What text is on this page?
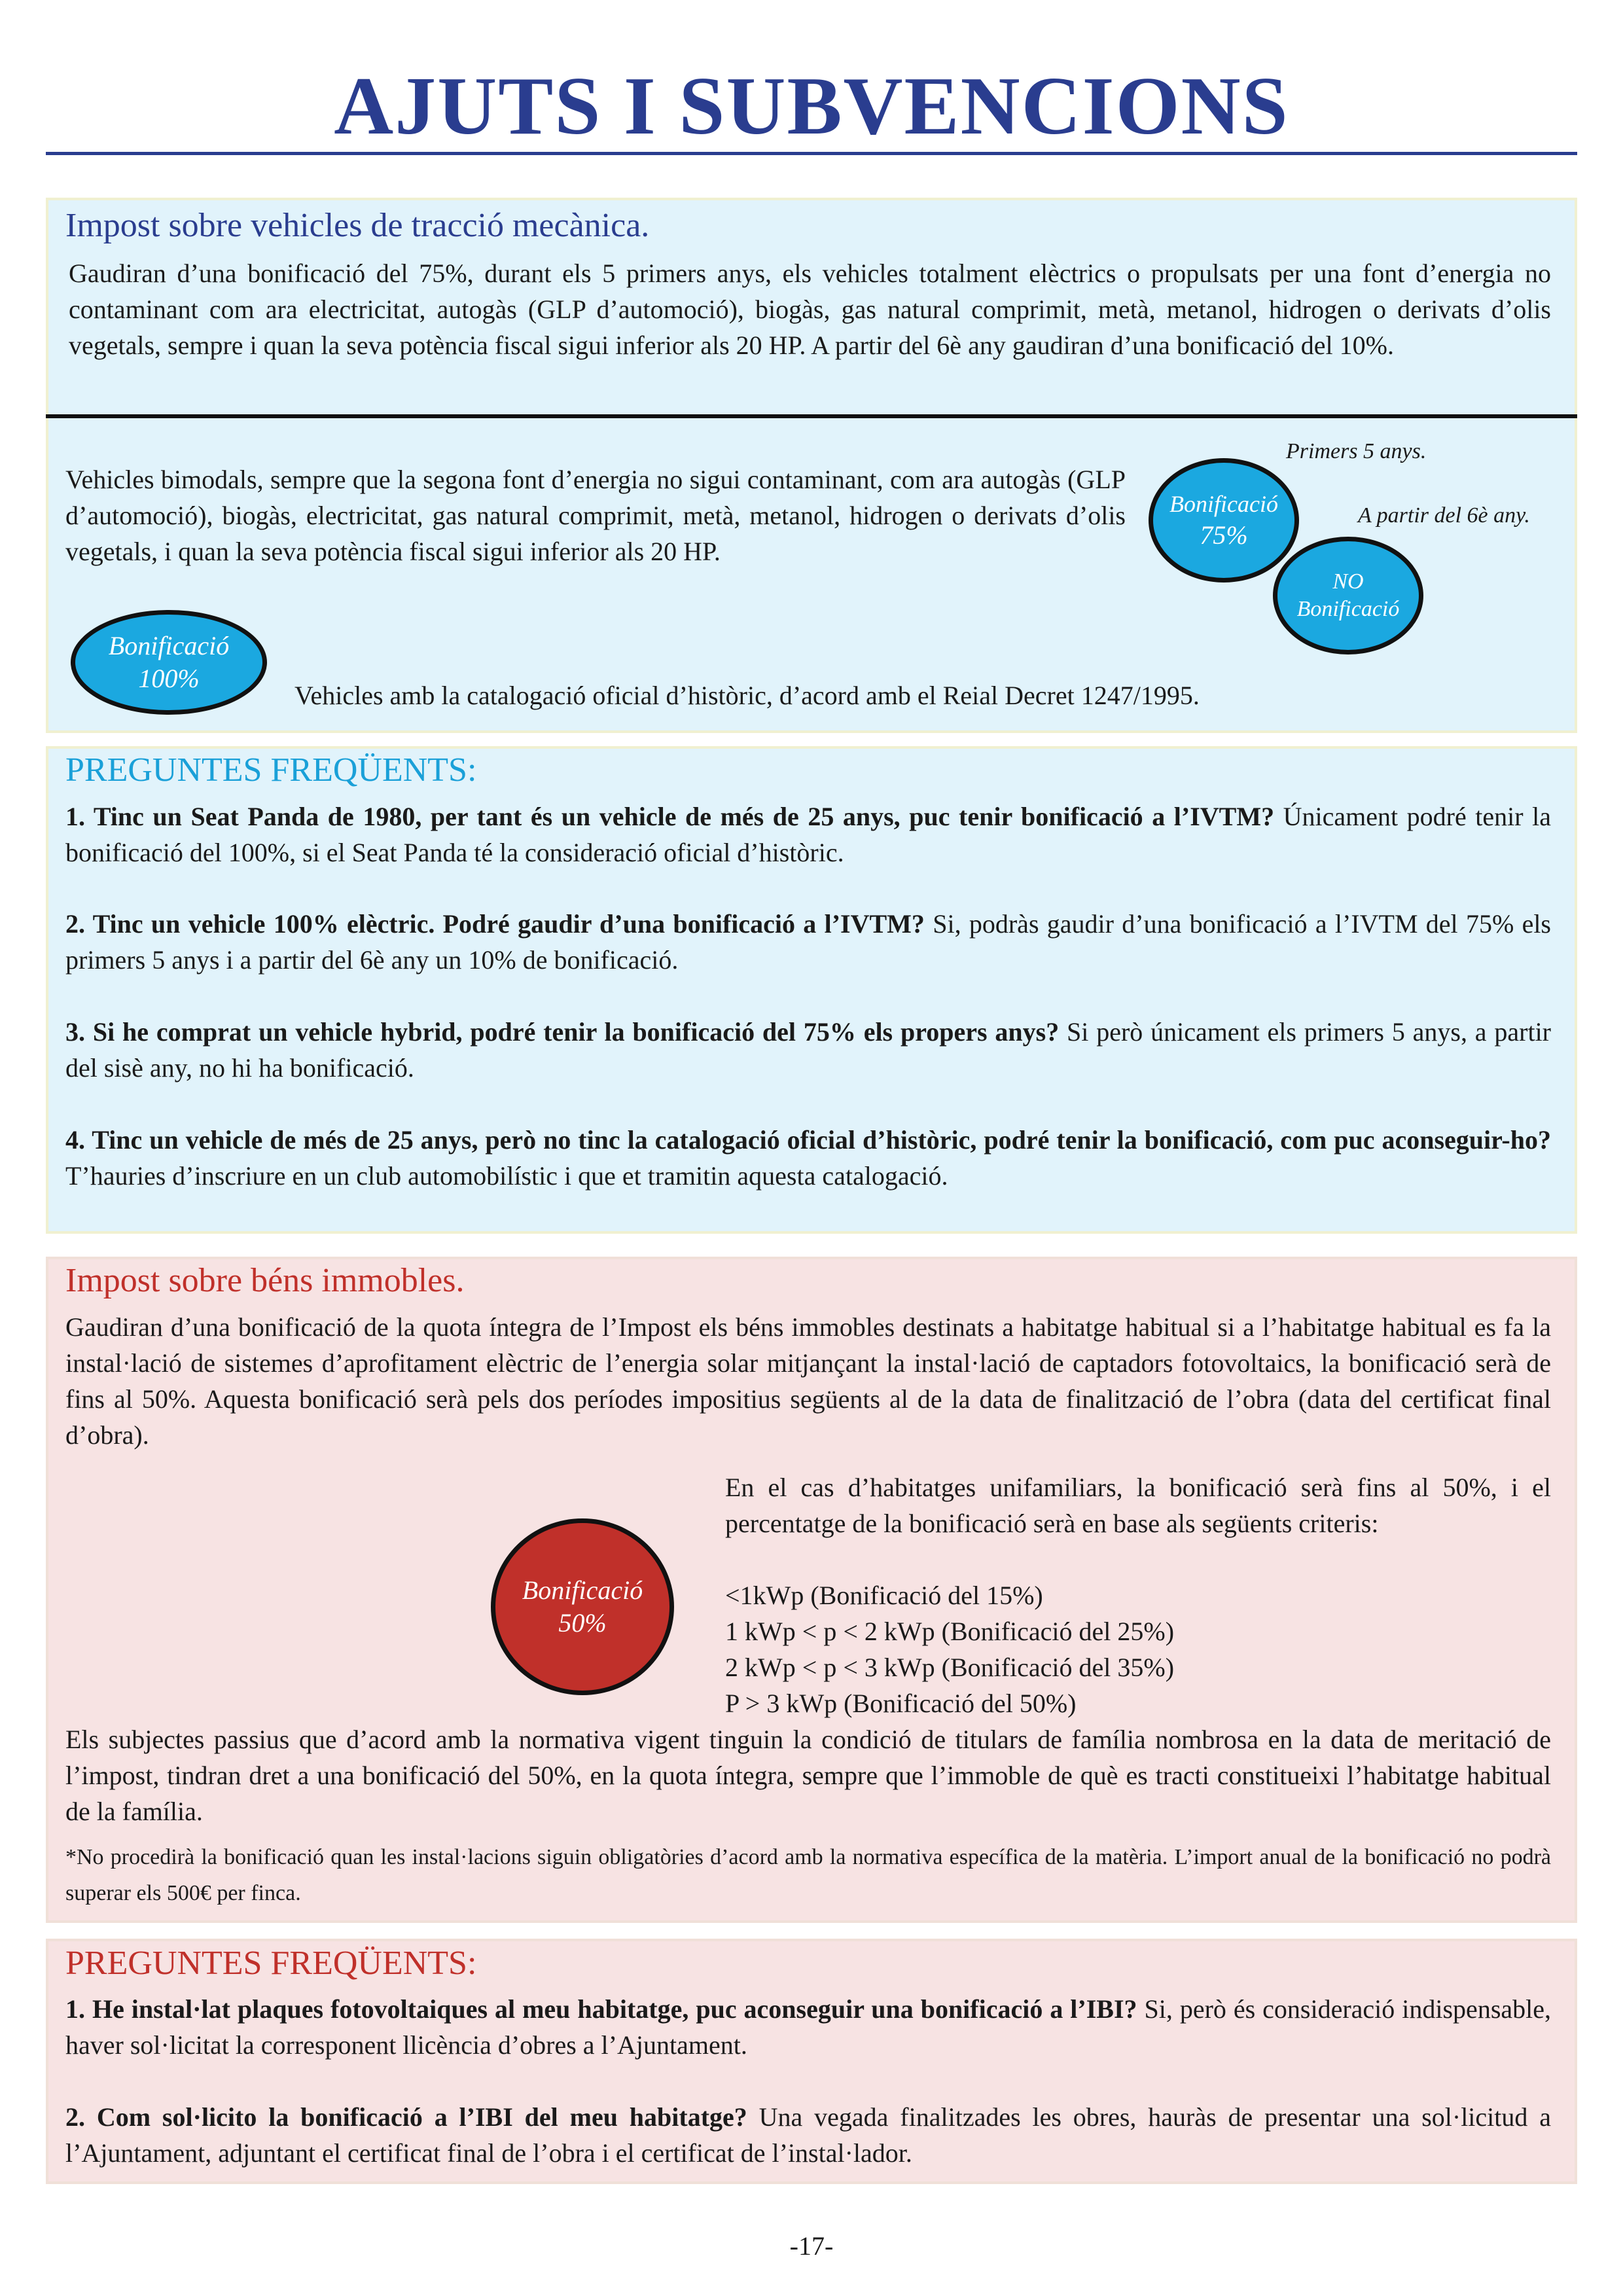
AJUTS I SUBVENCIONS
Impost sobre vehicles de tracció mecànica.
Gaudiran d’una bonificació del 75%, durant els 5 primers anys, els vehicles totalment elèctrics o propulsats per una font d’energia no contaminant com ara electricitat, autogàs (GLP d’automoció), biogàs, gas natural comprimit, metà, metanol, hidrogen o derivats d’olis vegetals, sempre i quan la seva potència fiscal sigui inferior als 20 HP. A partir del 6è any gaudiran d’una bonificació del 10%.
Vehicles bimodals, sempre que la segona font d’energia no sigui contaminant, com ara autogàs (GLP d’automoció), biogàs, electricitat, gas natural comprimit, metà, metanol, hidrogen o derivats d’olis vegetals, i quan la seva potència fiscal sigui inferior als 20 HP.
Primers 5 anys.
A partir del 6è any.
Bonificació
75%
NO
Bonificació
Bonificació
100%
Vehicles amb la catalogació oficial d’històric, d’acord amb el Reial Decret 1247/1995.
PREGUNTES FREQÜENTS:
1. Tinc un Seat Panda de 1980, per tant és un vehicle de més de 25 anys, puc tenir bonificació a l’IVTM? Únicament podré tenir la bonificació del 100%, si el Seat Panda té la consideració oficial d’històric.
2. Tinc un vehicle 100% elèctric. Podré gaudir d’una bonificació a l’IVTM? Si, podràs gaudir d’una bonificació a l’IVTM del 75% els primers 5 anys i a partir del 6è any un 10% de bonificació.
3. Si he comprat un vehicle hybrid, podré tenir la bonificació del 75% els propers anys? Si però únicament els primers 5 anys, a partir del sisè any, no hi ha bonificació.
4. Tinc un vehicle de més de 25 anys, però no tinc la catalogació oficial d’històric, podré tenir la bonificació, com puc aconseguir-ho? T’hauries d’inscriure en un club automobilístic i que et tramitin aquesta catalogació.
Impost sobre béns immobles.
Gaudiran d’una bonificació de la quota íntegra de l’Impost els béns immobles destinats a habitatge habitual si a l’habitatge habitual es fa la instal·lació de sistemes d’aprofitament elèctric de l’energia solar mitjançant la instal·lació de captadors fotovoltaics, la bonificació serà de fins al 50%. Aquesta bonificació serà pels dos períodes impositius següents al de la data de finalització de l’obra (data del certificat final d’obra).
En el cas d’habitatges unifamiliars, la bonificació serà fins al 50%, i el percentatge de la bonificació serà en base als següents criteris:
Bonificació
50%
<1kWp (Bonificació del 15%)
1 kWp < p < 2 kWp (Bonificació del 25%)
2 kWp < p < 3 kWp (Bonificació del 35%)
P > 3 kWp (Bonificació del 50%)
Els subjectes passius que d’acord amb la normativa vigent tinguin la condició de titulars de família nombrosa en la data de meritació de l’impost, tindran dret a una bonificació del 50%, en la quota íntegra, sempre que l’immoble de què es tracti constitueixi l’habitatge habitual de la família.
*No procedirà la bonificació quan les instal·lacions siguin obligatòries d’acord amb la normativa específica de la matèria. L’import anual de la bonificació no podrà superar els 500€ per finca.
PREGUNTES FREQÜENTS:
1. He instal·lat plaques fotovoltaiques al meu habitatge, puc aconseguir una bonificació a l’IBI? Si, però és consideració indispensable, haver sol·licitat la corresponent llicència d’obres a l’Ajuntament.
2. Com sol·licito la bonificació a l’IBI del meu habitatge? Una vegada finalitzades les obres, hauràs de presentar una sol·licitud a l’Ajuntament, adjuntant el certificat final de l’obra i el certificat de l’instal·lador.
-17-
